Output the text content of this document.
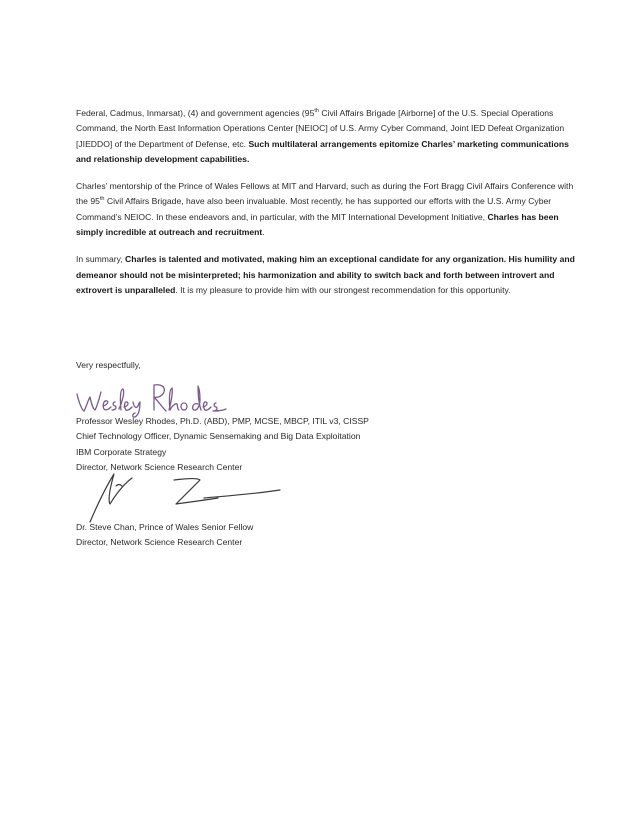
Federal, Cadmus, Inmarsat), (4) and government agencies (95th Civil Affairs Brigade [Airborne] of the U.S. Special Operations Command, the North East Information Operations Center [NEIOC] of U.S. Army Cyber Command, Joint IED Defeat Organization [JIEDDO] of the Department of Defense, etc. Such multilateral arrangements epitomize Charles’ marketing communications and relationship development capabilities.

Charles’ mentorship of the Prince of Wales Fellows at MIT and Harvard, such as during the Fort Bragg Civil Affairs Conference with the 95th Civil Affairs Brigade, have also been invaluable. Most recently, he has supported our efforts with the U.S. Army Cyber Command’s NEIOC. In these endeavors and, in particular, with the MIT International Development Initiative, Charles has been simply incredible at outreach and recruitment.

In summary, Charles is talented and motivated, making him an exceptional candidate for any organization. His humility and demeanor should not be misinterpreted; his harmonization and ability to switch back and forth between introvert and extrovert is unparalleled. It is my pleasure to provide him with our strongest recommendation for this opportunity.

Very respectfully,
Professor Wesley Rhodes, Ph.D. (ABD), PMP, MCSE, MBCP, ITIL v3, CISSP
Chief Technology Officer, Dynamic Sensemaking and Big Data Exploitation
IBM Corporate Strategy
Director, Network Science Research Center
Dr. Steve Chan, Prince of Wales Senior Fellow
Director, Network Science Research Center
